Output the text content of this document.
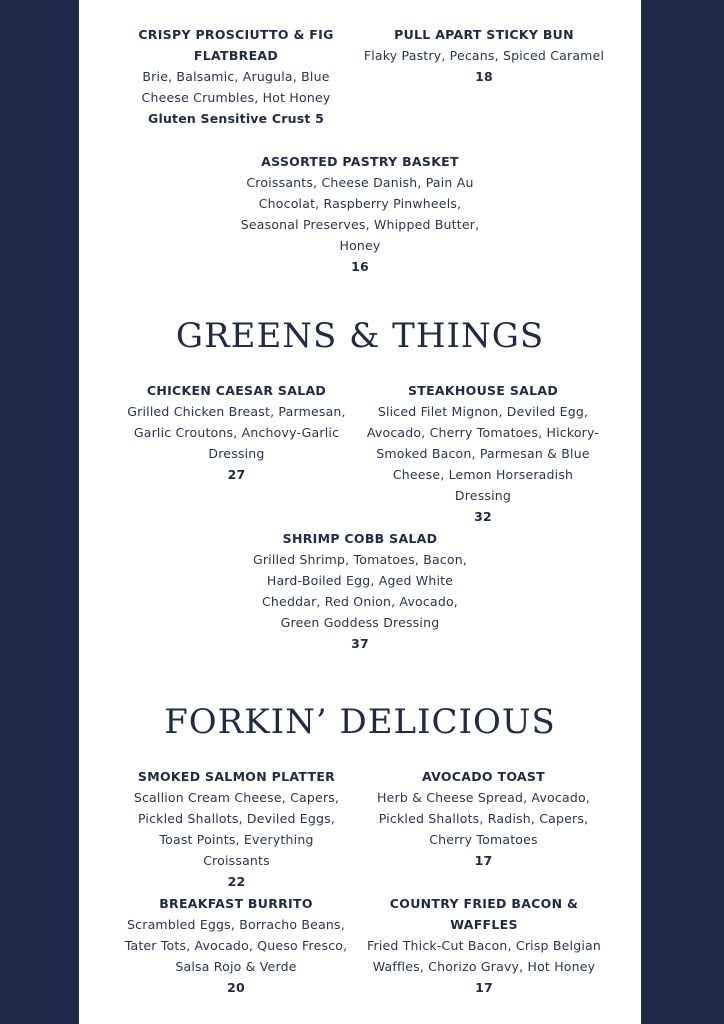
CRISPY PROSCIUTTO & FIG FLATBREAD
Brie, Balsamic, Arugula, Blue Cheese Crumbles, Hot Honey
Gluten Sensitive Crust 5
PULL APART STICKY BUN
Flaky Pastry, Pecans, Spiced Caramel
18
ASSORTED PASTRY BASKET
Croissants, Cheese Danish, Pain Au Chocolat, Raspberry Pinwheels, Seasonal Preserves, Whipped Butter, Honey
16
GREENS & THINGS
CHICKEN CAESAR SALAD
Grilled Chicken Breast, Parmesan, Garlic Croutons, Anchovy-Garlic Dressing
27
STEAKHOUSE SALAD
Sliced Filet Mignon, Deviled Egg, Avocado, Cherry Tomatoes, Hickory-Smoked Bacon, Parmesan & Blue Cheese, Lemon Horseradish Dressing
32
SHRIMP COBB SALAD
Grilled Shrimp, Tomatoes, Bacon, Hard-Boiled Egg, Aged White Cheddar, Red Onion, Avocado, Green Goddess Dressing
37
FORKIN’ DELICIOUS
SMOKED SALMON PLATTER
Scallion Cream Cheese, Capers, Pickled Shallots, Deviled Eggs, Toast Points, Everything Croissants
22
AVOCADO TOAST
Herb & Cheese Spread, Avocado, Pickled Shallots, Radish, Capers, Cherry Tomatoes
17
BREAKFAST BURRITO
Scrambled Eggs, Borracho Beans, Tater Tots, Avocado, Queso Fresco, Salsa Rojo & Verde
20
COUNTRY FRIED BACON & WAFFLES
Fried Thick-Cut Bacon, Crisp Belgian Waffles, Chorizo Gravy, Hot Honey
17
